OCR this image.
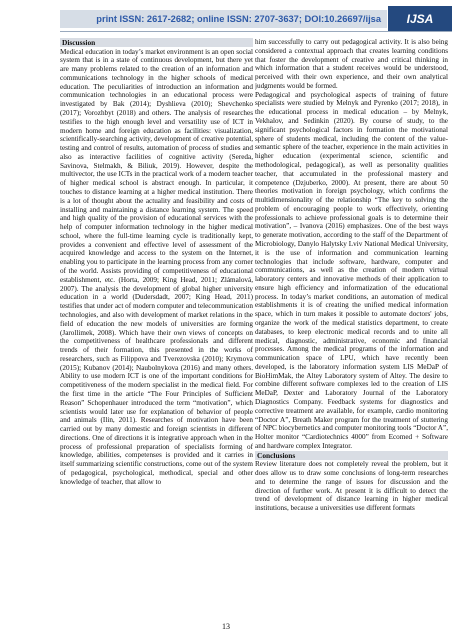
print ISSN: 2617-2682; online ISSN: 2707-3637; DOI:10.26697/ijsa	IJSA
Discussion

Medical education in today’s market environment is an open social system that is in a state of continuous development, but there yet are many problems related to the creation of an information and communications technology in the higher schools of medical education. The peculiarities of introduction an information and communication technologies in an educational process were investigated by Bak (2014); Dyshlieva (2010); Shevchenko (2017); Vorozhbyt (2018) and others. The analysis of researches testifies to the high enough level and versatility use of ICT in modern home and foreign education as facilities: visualization, scientifically-searching activity, development of creative potential, testing and control of results, automation of process of studies and also as interactive facilities of cognitive activity (Sereda, Savinova, Stelmakh, & Biliuk, 2019). However, despite the multivector, the use ICTs in the practical work of a modern teacher of higher medical school is abstract enough. In particular, it touches to distance learning at a higher medical institution. There is a lot of thought about the actuality and feasibility and costs of installing and maintaining a distance learning system. The speed and high quality of the provision of educational services with the help of computer information technology in the higher medical school, where the full-time learning cycle is traditionally kept, provides a convenient and effective level of assessment of the acquired knowledge and access to the system on the Internet, enabling you to participate in the learning process from any corner of the world. Assists providing of competitiveness of educational establishment, etc. (Horta, 2009; King Head, 2011; Zlámalová, 2007). The analysis the development of global higher university education in a world (Dudersdadt, 2007; King Head, 2011) testifies that under act of modern computer and telecommunication technologies, and also with development of market relations in the field of education the new models of universities are forming (Jarollimek, 2008). Which have their own views of concepts on the competitiveness of healthcare professionals and different trends of their formation, this presented in the works of researchers, such as Filippova and Tverezovska (2010); Krymova (2015); Kubanov (2014); Naubolnykova (2016) and many others. Ability to use modern ICT is one of the important conditions for competitiveness of the modern specialist in the medical field. For the first time in the article “The Four Principles of Sufficient Reason” Schopenhauer introduced the term “motivation”, which scientists would later use for explanation of behavior of people and animals (Ilin, 2011). Researches of motivation have been carried out by many domestic and foreign scientists in different directions. One of directions it is integrative approach when in the process of professional preparation of specialists forming of knowledge, abilities, competenses is provided and it carries in itself summarizing scientific constructions, come out of the system of pedagogical, psychological, methodical, special and other knowledge of teacher, that allow to

him successfully to carry out pedagogical activity. It is also being considered a contextual approach that creates learning conditions that foster the development of creative and critical thinking in which information that a student receives would be understood, perceived with their own experience, and their own analytical judgments would be formed.

Pedagogical and psychological aspects of training of future specialists were studied by Melnyk and Pyrenko (2017; 2018), in the educational process in medical education – by Melnyk, Vekhalov, and Sedinkin (2020). By course of study, to the significant psychological factors in formation the motivational sphere of students medical, including the content of the value-semantic sphere of the teacher, experience in the main activities in higher education (experimental science, scientific and methodological, pedagogical), as well as personality qualities teacher, that accumulated in the professional mastery and competence (Dzjuberko, 2000). At present, there are about 50 theories motivation in foreign psychology, which confirms the multidimensionality of the relationship “The key to solving the problem of encouraging people to work effectively, orienting professionals to achieve professional goals is to determine their motivation”, – Ivanova (2016) emphasizes. One of the best ways to generate motivation, according to the staff of the Department of Microbiology, Danylo Halytsky Lviv National Medical University, it is the use of information and communication learning technologies that include software, hardware, computer and communications, as well as the creation of modern virtual laboratory centers and innovative methods of their application to ensure high efficiency and informatization of the educational process. In today’s market conditions, an automation of medical establishments it is of creating the unified medical information space, which in turn makes it possible to automate doctors' jobs, organize the work of the medical statistics department, to create databases, to keep electronic medical records and to unite all medical, diagnostic, administrative, economic and financial processes. Among the medical programs of the information and communication space of LPU, which have recently been developed, is the laboratory information system LIS MeDaP of BioHimMak, the Altey Laboratory system of Altey. The desire to combine different software complexes led to the creation of LIS MeDaP, Dexter and Laboratory Journal of the Laboratory Diagnostics Company. Feedback systems for diagnostics and corrective treatment are available, for example, cardio monitoring “Doctor A”, Breath Maker program for the treatment of stuttering of NPC biocybernetics and computer monitoring tools “Doctor A”, Holter monitor “Cardiotechnics 4000” from Ecomed + Software and hardware complex Integrator.

Conclusions

Review literature does not completely reveal the problem, but it does allow us to draw some conclusions of long-term researches and to determine the range of issues for discussion and the direction of further work. At present it is difficult to detect the trend of development of distance learning in higher medical institutions, because a universities use different formats

13
